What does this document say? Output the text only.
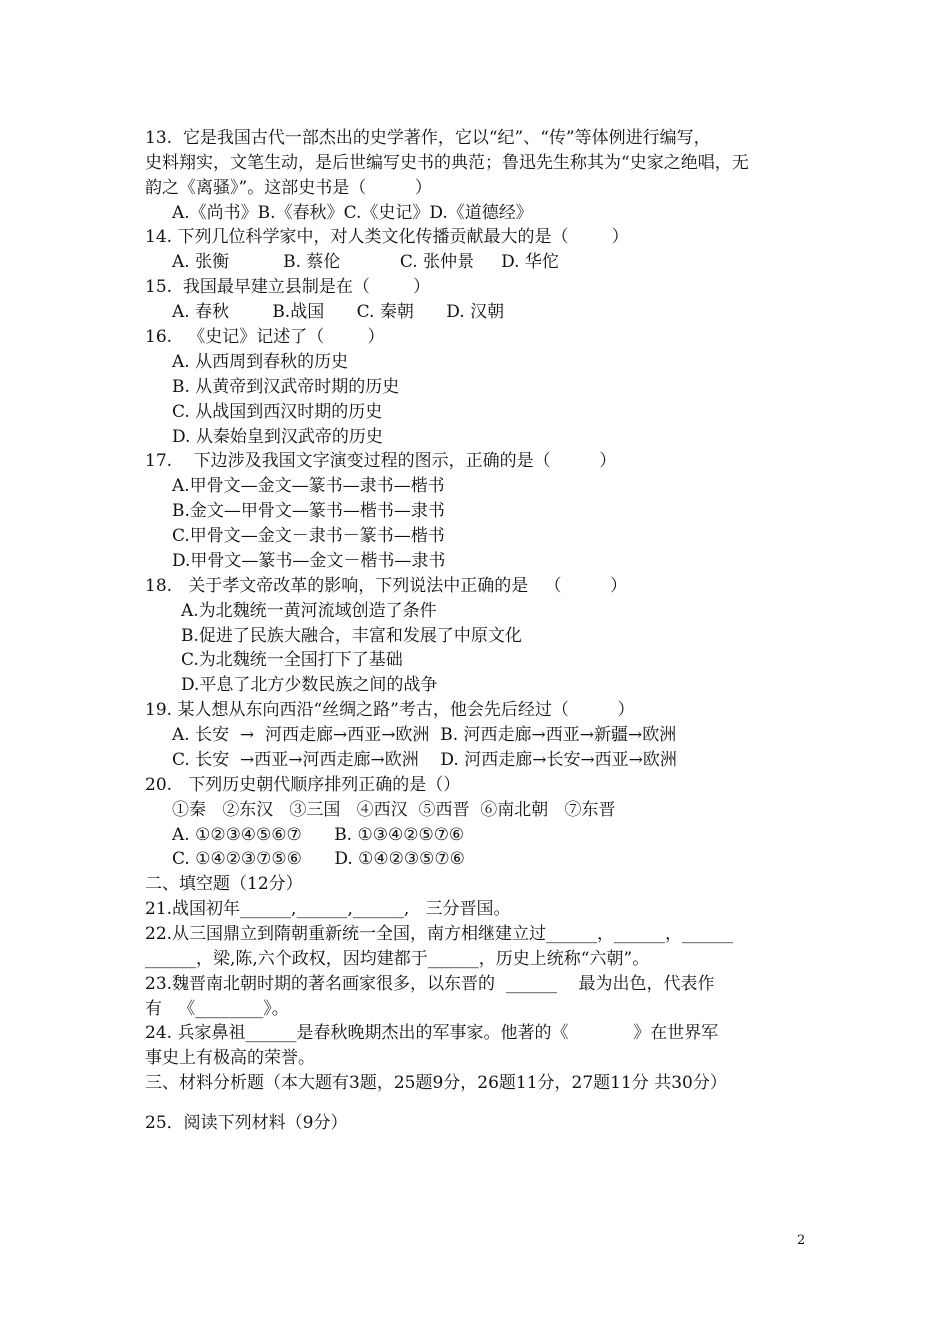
13.  它是我国古代一部杰出的史学著作，它以“纪”、“传”等体例进行编写，
史料翔实，文笔生动，是后世编写史书的典范；鲁迅先生称其为“史家之绝唱，无
韵之《离骚》”。这部史书是（         ）
A.《尚书》B.《春秋》C.《史记》D.《道德经》
14. 下列几位科学家中，对人类文化传播贡献最大的是（        ）
A. 张衡          B. 蔡伦           C. 张仲景     D. 华佗
15.  我国最早建立县制是在（        ）
A. 春秋        B.战国      C. 秦朝      D. 汉朝
16.   《史记》记述了（        ）
A. 从西周到春秋的历史
B. 从黄帝到汉武帝时期的历史
C. 从战国到西汉时期的历史
D. 从秦始皇到汉武帝的历史
17.    下边涉及我国文字演变过程的图示，正确的是（         ）
A.甲骨文—金文—篆书—隶书—楷书
B.金文—甲骨文—篆书—楷书—隶书
C.甲骨文—金文－隶书－篆书—楷书
D.甲骨文—篆书—金文－楷书—隶书
18.   关于孝文帝改革的影响，下列说法中正确的是   （         ）
A.为北魏统一黄河流域创造了条件
B.促进了民族大融合，丰富和发展了中原文化
C.为北魏统一全国打下了基础
D.平息了北方少数民族之间的战争
19. 某人想从东向西沿“丝绸之路”考古，他会先后经过（         ）
A. 长安  →  河西走廊→西亚→欧洲  B. 河西走廊→西亚→新疆→欧洲
C. 长安  →西亚→河西走廊→欧洲    D. 河西走廊→长安→西亚→欧洲
20.   下列历史朝代顺序排列正确的是（）
①秦   ②东汉   ③三国   ④西汉  ⑤西晋  ⑥南北朝   ⑦东晋
A. ①②③④⑤⑥⑦      B. ①③④②⑤⑦⑥
C. ①④②③⑦⑤⑥      D. ①④②③⑤⑦⑥
二、填空题（12分）
21.战国初年______,______,______,   三分晋国。
22.从三国鼎立到隋朝重新统一全国，南方相继建立过______，______，______
______，梁,陈,六个政权，因均建都于______，历史上统称“六朝”。
23.魏晋南北朝时期的著名画家很多，以东晋的  ______    最为出色，代表作
有   《________》。
24. 兵家鼻祖______是春秋晚期杰出的军事家。他著的《            》在世界军
事史上有极高的荣誉。
三、材料分析题（本大题有3题，25题9分，26题11分，27题11分 共30分）
25．阅读下列材料（9分）
2
